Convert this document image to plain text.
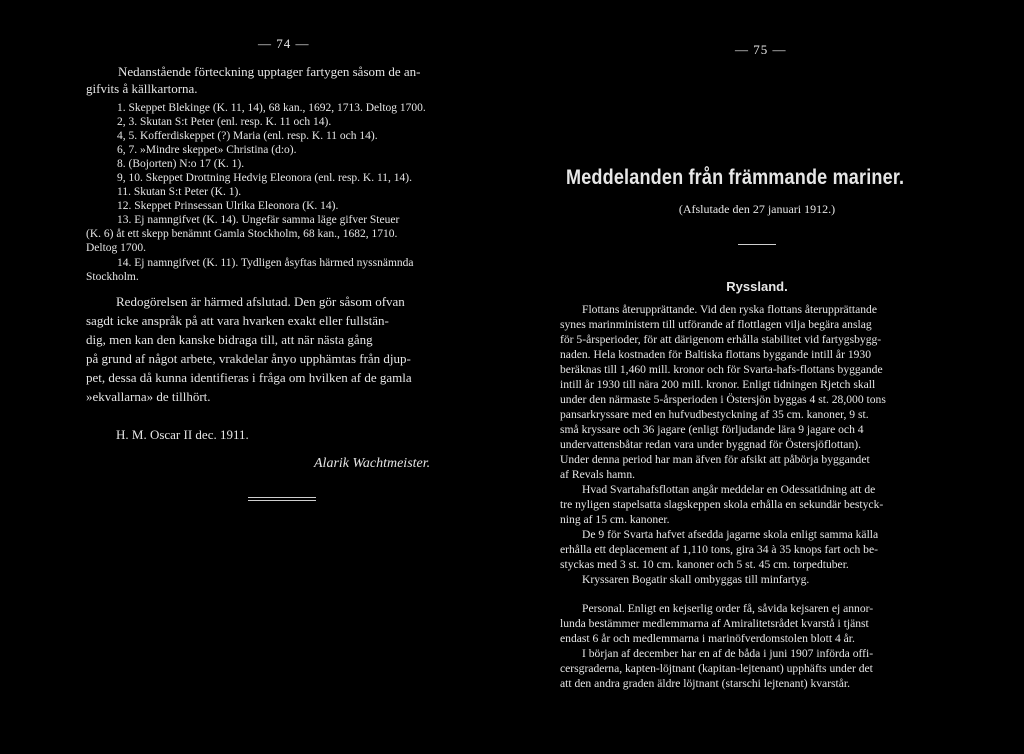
— 74 —
Nedanstående förteckning upptager fartygen såsom de an-
gifvits å källkartorna.
1. Skeppet Blekinge (K. 11, 14), 68 kan., 1692, 1713. Deltog 1700.
2, 3. Skutan S:t Peter (enl. resp. K. 11 och 14).
4, 5. Kofferdiskeppet (?) Maria (enl. resp. K. 11 och 14).
6, 7. »Mindre skeppet» Christina (d:o).
8. (Bojorten) N:o 17 (K. 1).
9, 10. Skeppet Drottning Hedvig Eleonora (enl. resp. K. 11, 14).
11. Skutan S:t Peter (K. 1).
12. Skeppet Prinsessan Ulrika Eleonora (K. 14).
13. Ej namngifvet (K. 14). Ungefär samma läge gifver Steuer
(K. 6) åt ett skepp benämnt Gamla Stockholm, 68 kan., 1682, 1710.
Deltog 1700.
14. Ej namngifvet (K. 11). Tydligen åsyftas härmed nyssnämnda
Stockholm.
Redogörelsen är härmed afslutad. Den gör såsom ofvan
sagdt icke anspråk på att vara hvarken exakt eller fullstän-
dig, men kan den kanske bidraga till, att när nästa gång
på grund af något arbete, vrakdelar ånyo upphämtas från djup-
pet, dessa då kunna identifieras i fråga om hvilken af de gamla
»ekvallarna» de tillhört.
H. M. Oscar II dec. 1911.
Alarik Wachtmeister.
— 75 —
Meddelanden från främmande mariner.
(Afslutade den 27 januari 1912.)
Ryssland.
Flottans återupprättande. Vid den ryska flottans återupprättande
synes marinministern till utförande af flottlagen vilja begära anslag
för 5-årsperioder, för att därigenom erhålla stabilitet vid fartygsbygg-
naden. Hela kostnaden för Baltiska flottans byggande intill år 1930
beräknas till 1,460 mill. kronor och för Svarta-hafs-flottans byggande
intill år 1930 till nära 200 mill. kronor. Enligt tidningen Rjetch skall
under den närmaste 5-årsperioden i Östersjön byggas 4 st. 28,000 tons
pansarkryssare med en hufvudbestyckning af 35 cm. kanoner, 9 st.
små kryssare och 36 jagare (enligt förljudande lära 9 jagare och 4
undervattensbåtar redan vara under byggnad för Östersjöflottan).
Under denna period har man äfven för afsikt att påbörja byggandet
af Revals hamn.
Hvad Svartahafsflottan angår meddelar en Odessatidning att de
tre nyligen stapelsatta slagskeppen skola erhålla en sekundär bestyck-
ning af 15 cm. kanoner.
De 9 för Svarta hafvet afsedda jagarne skola enligt samma källa
erhålla ett deplacement af 1,110 tons, gira 34 à 35 knops fart och be-
styckas med 3 st. 10 cm. kanoner och 5 st. 45 cm. torpedtuber.
Kryssaren Bogatir skall ombyggas till minfartyg.
Personal. Enligt en kejserlig order få, såvida kejsaren ej annor-
lunda bestämmer medlemmarna af Amiralitetsrådet kvarstå i tjänst
endast 6 år och medlemmarna i marinöfverdomstolen blott 4 år.
I början af december har en af de båda i juni 1907 införda offi-
cersgraderna, kapten-löjtnant (kapitan-lejtenant) upphäfts under det
att den andra graden äldre löjtnant (starschi lejtenant) kvarstår.
